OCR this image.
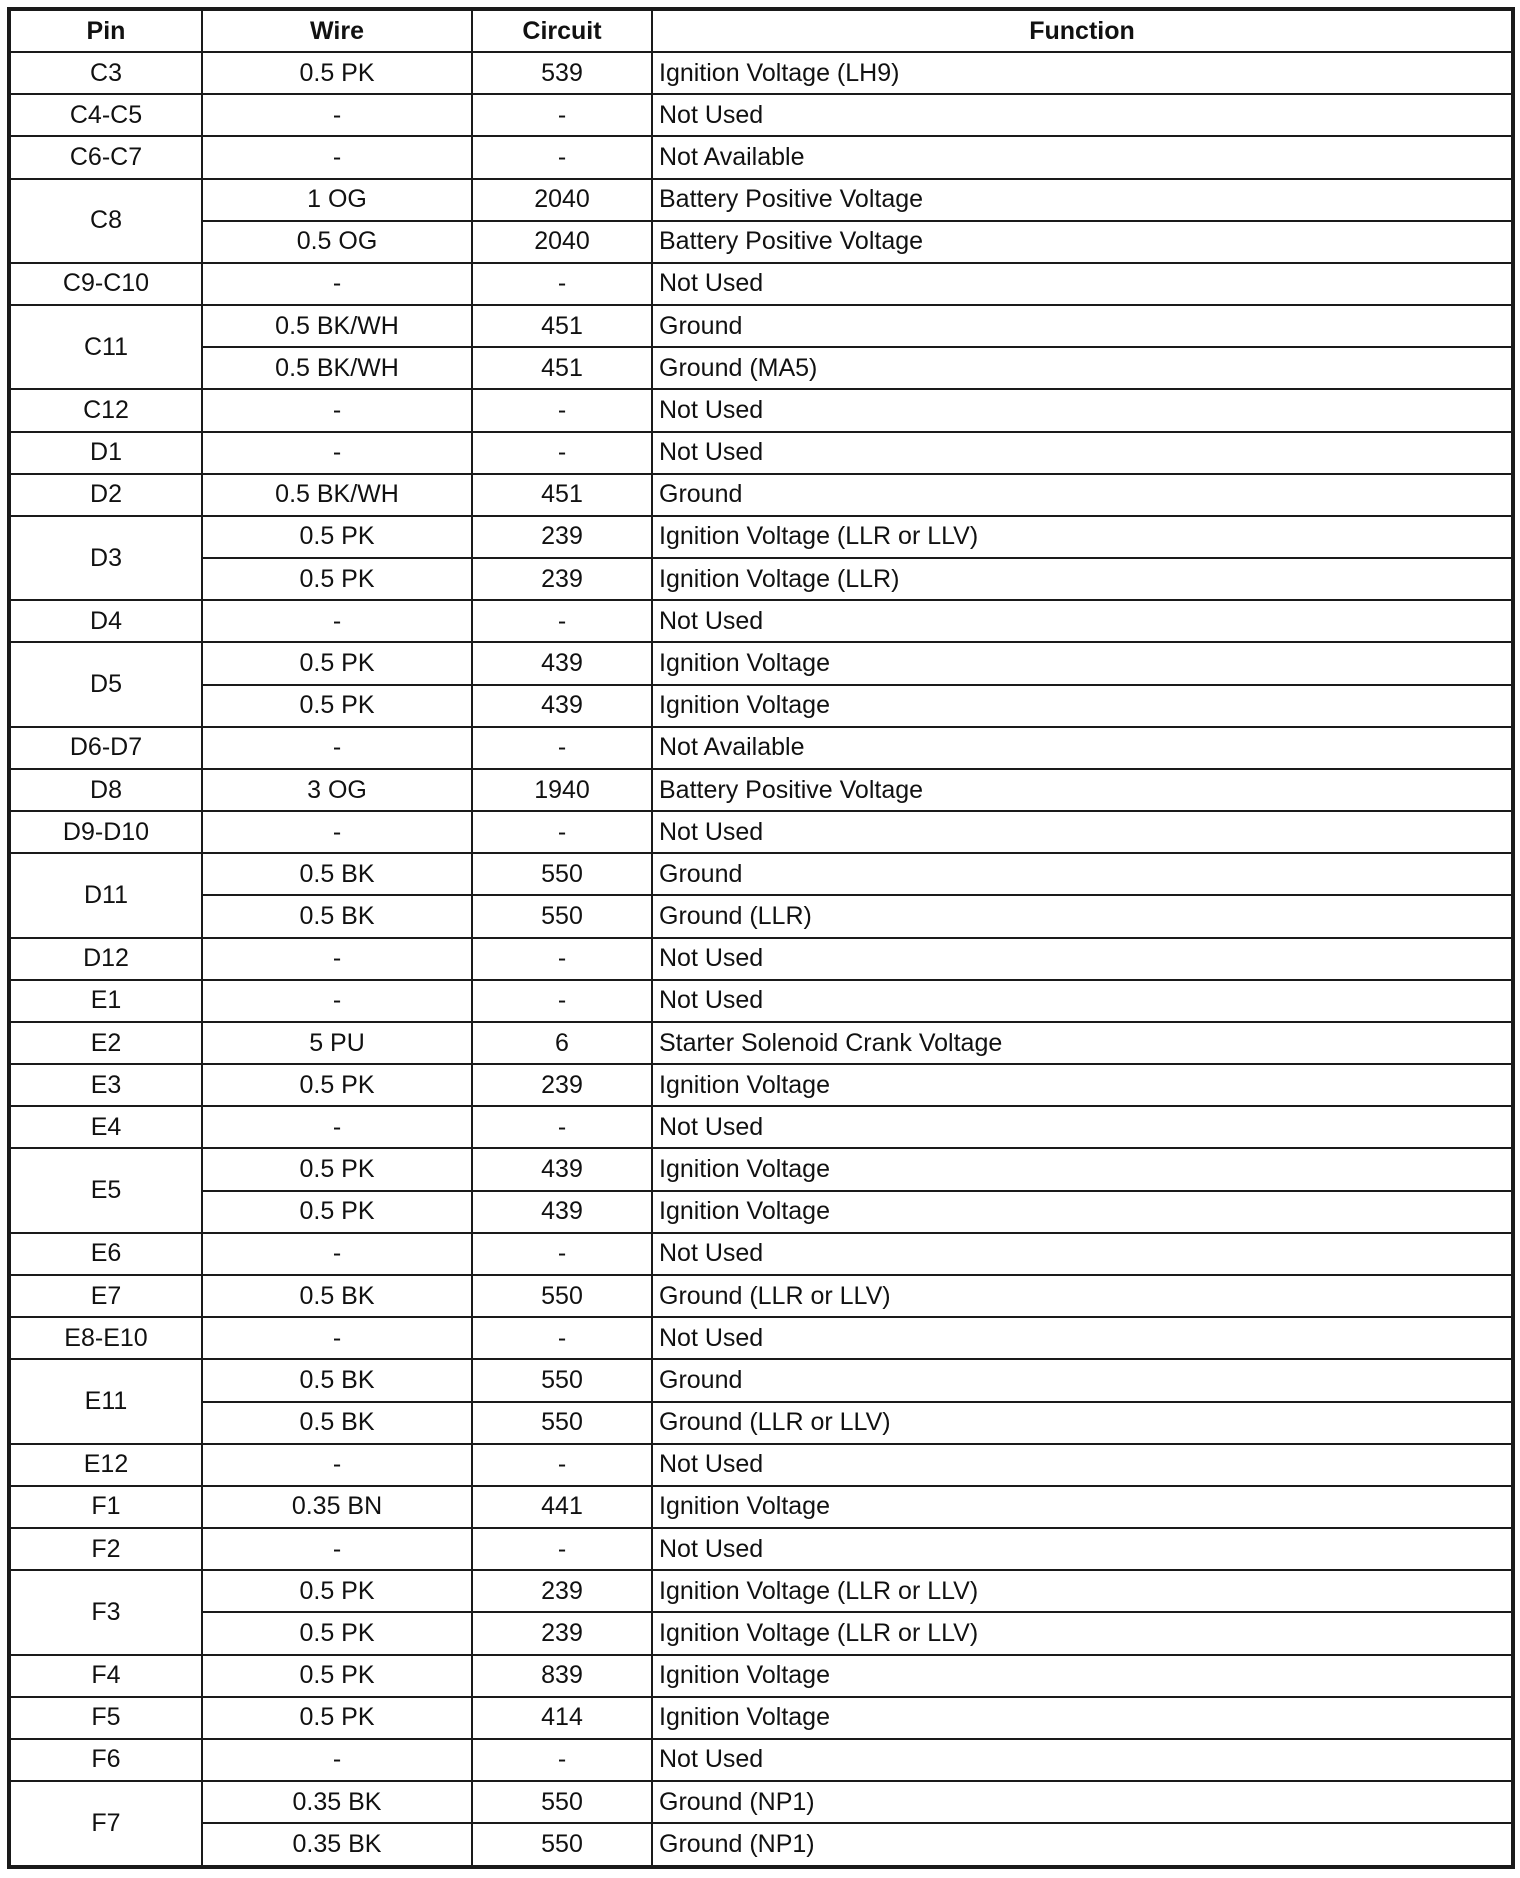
Pin	Wire	Circuit	Function
C3	0.5 PK	539	Ignition Voltage (LH9)
C4-C5	-	-	Not Used
C6-C7	-	-	Not Available
C8	1 OG	2040	Battery Positive Voltage
	0.5 OG	2040	Battery Positive Voltage
C9-C10	-	-	Not Used
C11	0.5 BK/WH	451	Ground
	0.5 BK/WH	451	Ground (MA5)
C12	-	-	Not Used
D1	-	-	Not Used
D2	0.5 BK/WH	451	Ground
D3	0.5 PK	239	Ignition Voltage (LLR or LLV)
	0.5 PK	239	Ignition Voltage (LLR)
D4	-	-	Not Used
D5	0.5 PK	439	Ignition Voltage
	0.5 PK	439	Ignition Voltage
D6-D7	-	-	Not Available
D8	3 OG	1940	Battery Positive Voltage
D9-D10	-	-	Not Used
D11	0.5 BK	550	Ground
	0.5 BK	550	Ground (LLR)
D12	-	-	Not Used
E1	-	-	Not Used
E2	5 PU	6	Starter Solenoid Crank Voltage
E3	0.5 PK	239	Ignition Voltage
E4	-	-	Not Used
E5	0.5 PK	439	Ignition Voltage
	0.5 PK	439	Ignition Voltage
E6	-	-	Not Used
E7	0.5 BK	550	Ground (LLR or LLV)
E8-E10	-	-	Not Used
E11	0.5 BK	550	Ground
	0.5 BK	550	Ground (LLR or LLV)
E12	-	-	Not Used
F1	0.35 BN	441	Ignition Voltage
F2	-	-	Not Used
F3	0.5 PK	239	Ignition Voltage (LLR or LLV)
	0.5 PK	239	Ignition Voltage (LLR or LLV)
F4	0.5 PK	839	Ignition Voltage
F5	0.5 PK	414	Ignition Voltage
F6	-	-	Not Used
F7	0.35 BK	550	Ground (NP1)
	0.35 BK	550	Ground (NP1)
